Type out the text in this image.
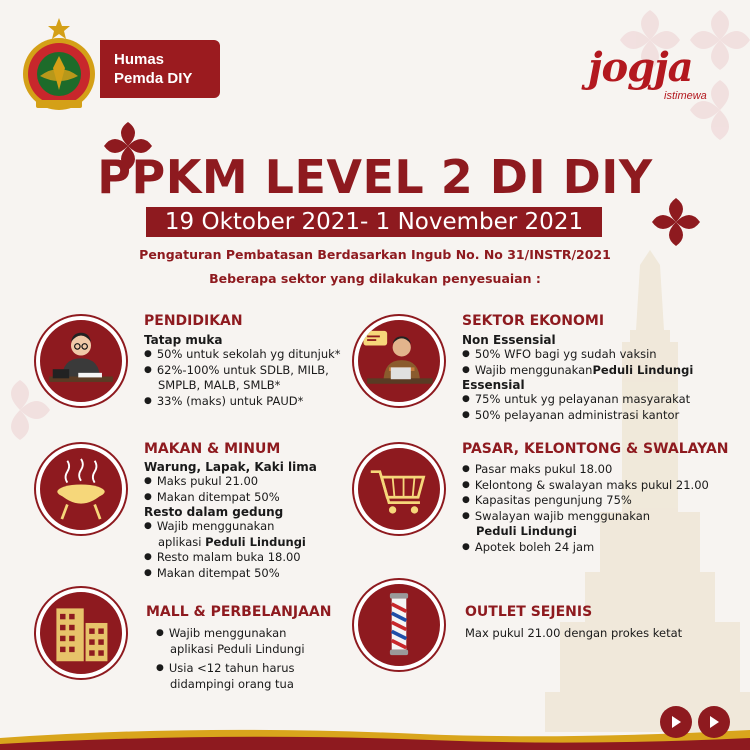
Humas
Pemda DIY	jogja
istimewa
PPKM LEVEL 2 DI DIY
19 Oktober 2021- 1 November 2021
Pengaturan Pembatasan Berdasarkan Ingub No. No 31/INSTR/2021
Beberapa sektor yang dilakukan penyesuaian :
PENDIDIKAN
Tatap muka
● 50% untuk sekolah yg ditunjuk*
● 62%-100% untuk SDLB, MILB,
SMPLB, MALB, SMLB*
● 33% (maks) untuk PAUD*
SEKTOR EKONOMI
Non Essensial
● 50% WFO bagi yg sudah vaksin
● Wajib menggunakan Peduli Lindungi
Essensial
● 75% untuk yg pelayanan masyarakat
● 50% pelayanan administrasi kantor
MAKAN & MINUM
Warung, Lapak, Kaki lima
● Maks pukul 21.00
● Makan ditempat 50%
Resto dalam gedung
● Wajib menggunakan
aplikasi Peduli Lindungi
● Resto malam buka 18.00
● Makan ditempat 50%
PASAR, KELONTONG & SWALAYAN
● Pasar maks pukul 18.00
● Kelontong & swalayan maks pukul 21.00
● Kapasitas pengunjung 75%
● Swalayan wajib menggunakan
Peduli Lindungi
● Apotek boleh 24 jam
MALL & PERBELANJAAN
● Wajib menggunakan
aplikasi Peduli Lindungi
● Usia <12 tahun harus
didampingi orang tua
OUTLET SEJENIS
Max pukul 21.00 dengan prokes ketat
